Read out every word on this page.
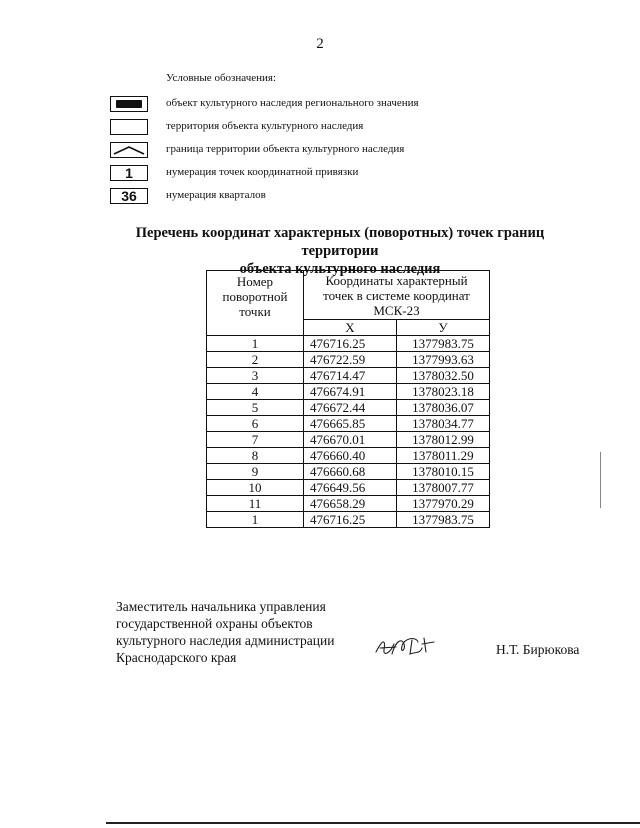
2
Условные обозначения:
объект культурного наследия регионального значения
территория объекта культурного наследия
граница территории объекта культурного наследия
1	нумерация точек координатной привязки
36	нумерация кварталов
Перечень координат характерных (поворотных) точек границ территории
объекта культурного наследия
Номер поворотной точки	Координаты характерный точек в системе координат МСК-23	
	Х	У
1	476716.25	1377983.75
2	476722.59	1377993.63
3	476714.47	1378032.50
4	476674.91	1378023.18
5	476672.44	1378036.07
6	476665.85	1378034.77
7	476670.01	1378012.99
8	476660.40	1378011.29
9	476660.68	1378010.15
10	476649.56	1378007.77
11	476658.29	1377970.29
1	476716.25	1377983.75
Заместитель начальника управления
государственной охраны объектов
культурного наследия администрации
Краснодарского края
Н.Т. Бирюкова
